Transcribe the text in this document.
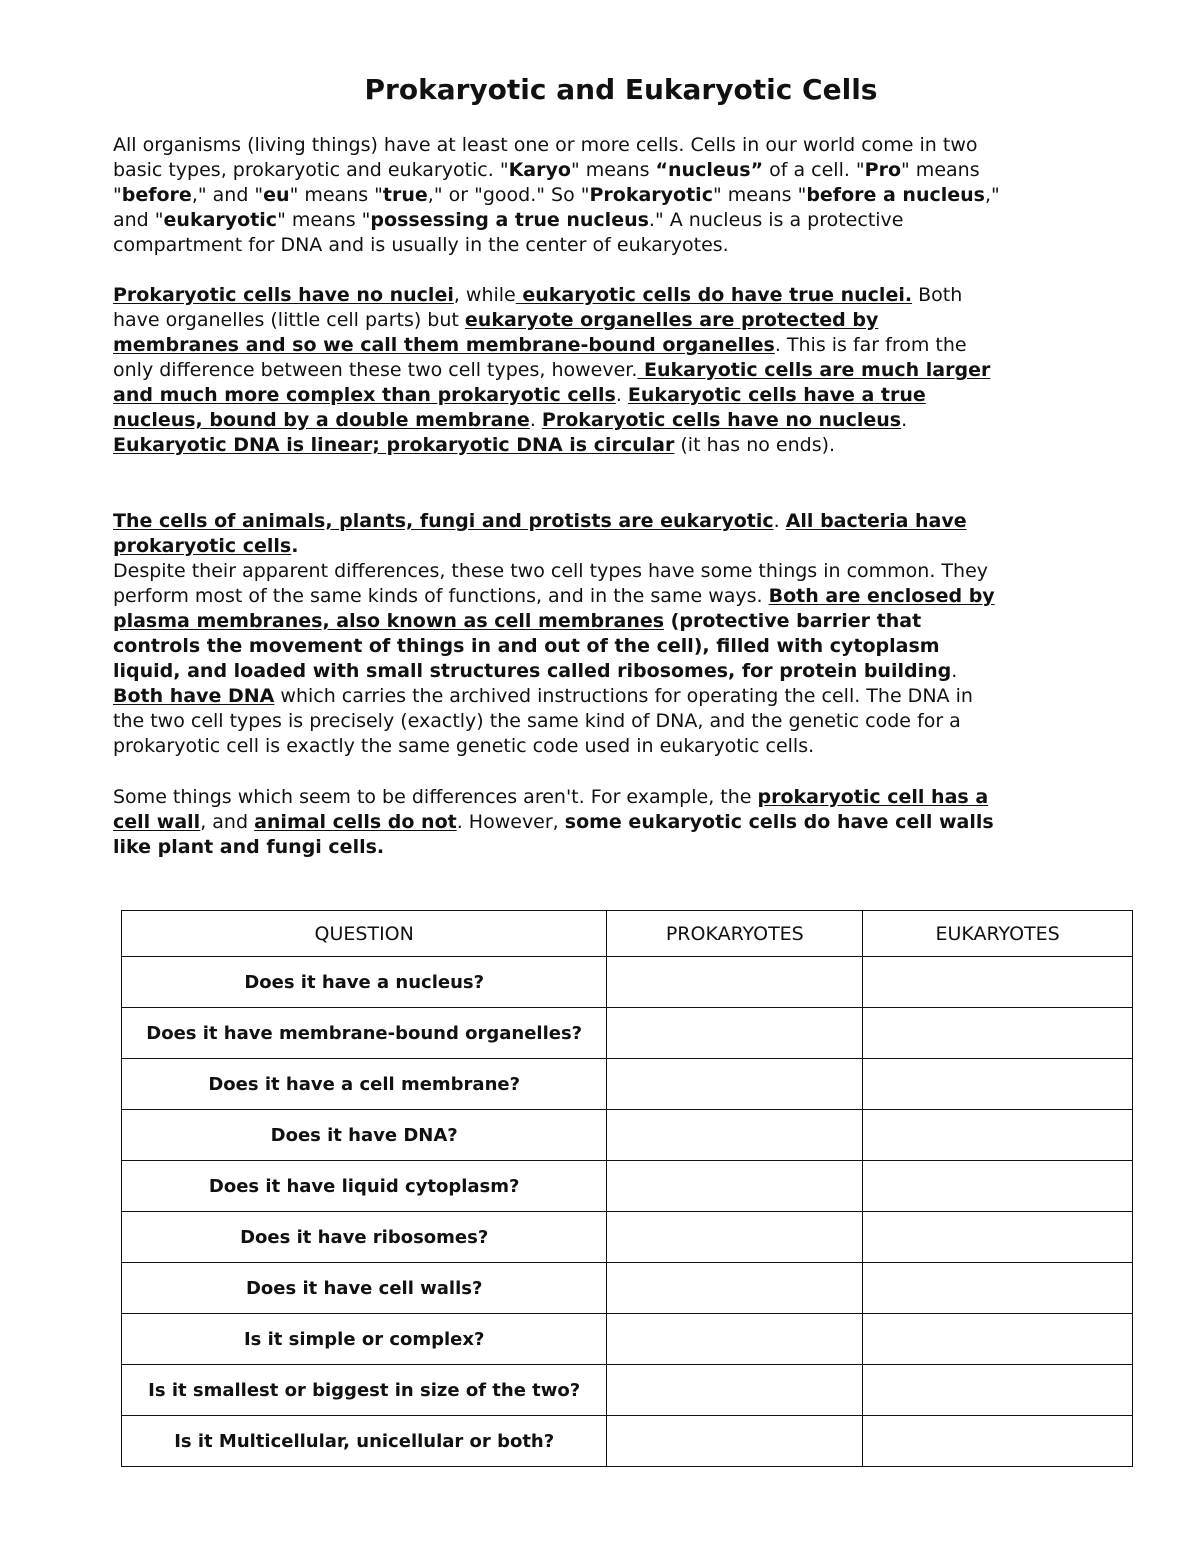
Prokaryotic and Eukaryotic Cells
All organisms (living things) have at least one or more cells. Cells in our world come in two
basic types, prokaryotic and eukaryotic. "Karyo" means “nucleus” of a cell. "Pro" means
"before," and "eu" means "true," or "good." So "Prokaryotic" means "before a nucleus,"
and "eukaryotic" means "possessing a true nucleus." A nucleus is a protective
compartment for DNA and is usually in the center of eukaryotes.
Prokaryotic cells have no nuclei, while eukaryotic cells do have true nuclei. Both
have organelles (little cell parts) but eukaryote organelles are protected by
membranes and so we call them membrane-bound organelles. This is far from the
only difference between these two cell types, however. Eukaryotic cells are much larger
and much more complex than prokaryotic cells. Eukaryotic cells have a true
nucleus, bound by a double membrane. Prokaryotic cells have no nucleus.
Eukaryotic DNA is linear; prokaryotic DNA is circular (it has no ends).
The cells of animals, plants, fungi and protists are eukaryotic. All bacteria have
prokaryotic cells.
Despite their apparent differences, these two cell types have some things in common. They
perform most of the same kinds of functions, and in the same ways. Both are enclosed by
plasma membranes, also known as cell membranes (protective barrier that
controls the movement of things in and out of the cell), filled with cytoplasm
liquid, and loaded with small structures called ribosomes, for protein building.
Both have DNA which carries the archived instructions for operating the cell. The DNA in
the two cell types is precisely (exactly) the same kind of DNA, and the genetic code for a
prokaryotic cell is exactly the same genetic code used in eukaryotic cells.
Some things which seem to be differences aren't. For example, the prokaryotic cell has a
cell wall, and animal cells do not. However, some eukaryotic cells do have cell walls
like plant and fungi cells.
QUESTION	PROKARYOTES	EUKARYOTES
Does it have a nucleus?		
Does it have membrane-bound organelles?		
Does it have a cell membrane?		
Does it have DNA?		
Does it have liquid cytoplasm?		
Does it have ribosomes?		
Does it have cell walls?		
Is it simple or complex?		
Is it smallest or biggest in size of the two?		
Is it Multicellular, unicellular or both?		
